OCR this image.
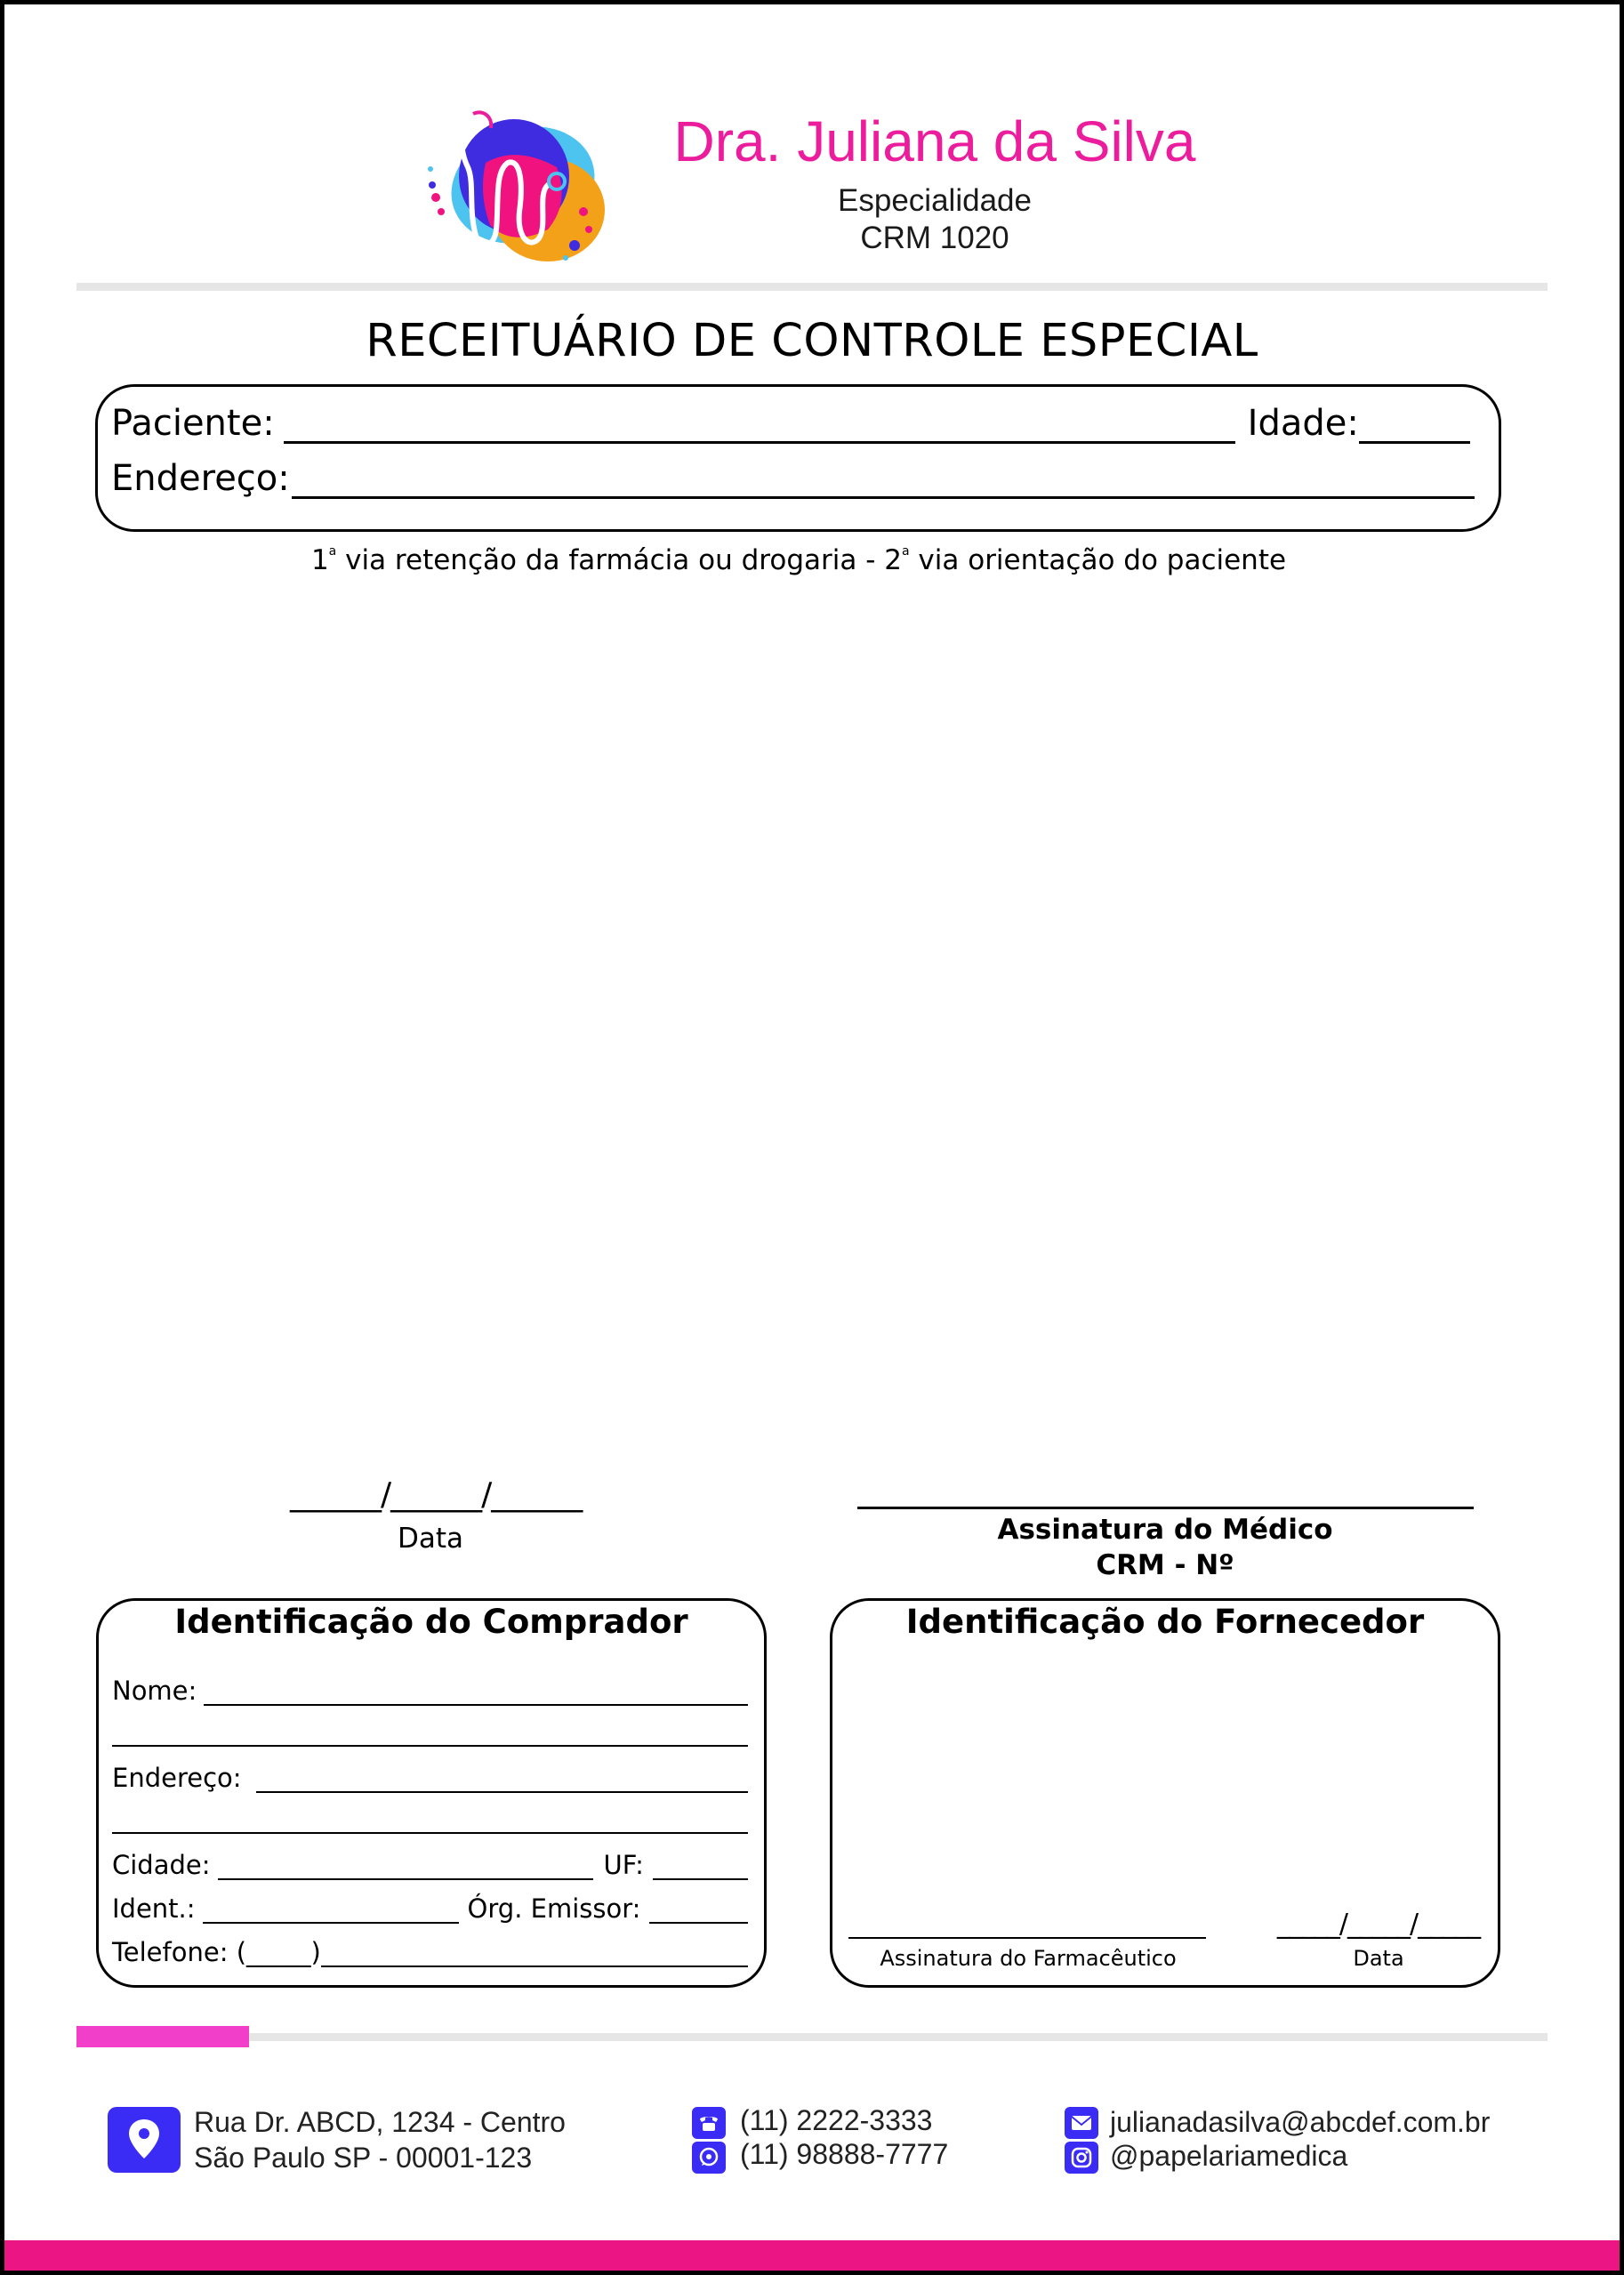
Dra. Juliana da Silva
Especialidade
CRM 1020
RECEITUÁRIO DE CONTROLE ESPECIAL
Paciente:	Idade:
Endereço:
1$^a$ via retenção da farmácia ou drogaria - 2$^a$ via orientação do paciente
______/______/______
Data	Assinatura do Médico
CRM - Nº
Identificação do Comprador
Nome:
Endereço:
Cidade:	UF:
Ident.:	Órg. Emissor:
Telefone: (_____)
Identificação do Fornecedor
Assinatura do Farmacêutico
_____/_____/_____
Data
Rua Dr. ABCD, 1234 - Centro
São Paulo SP - 00001-123
(11) 2222-3333
(11) 98888-7777
julianadasilva@abcdef.com.br
@papelariamedica
